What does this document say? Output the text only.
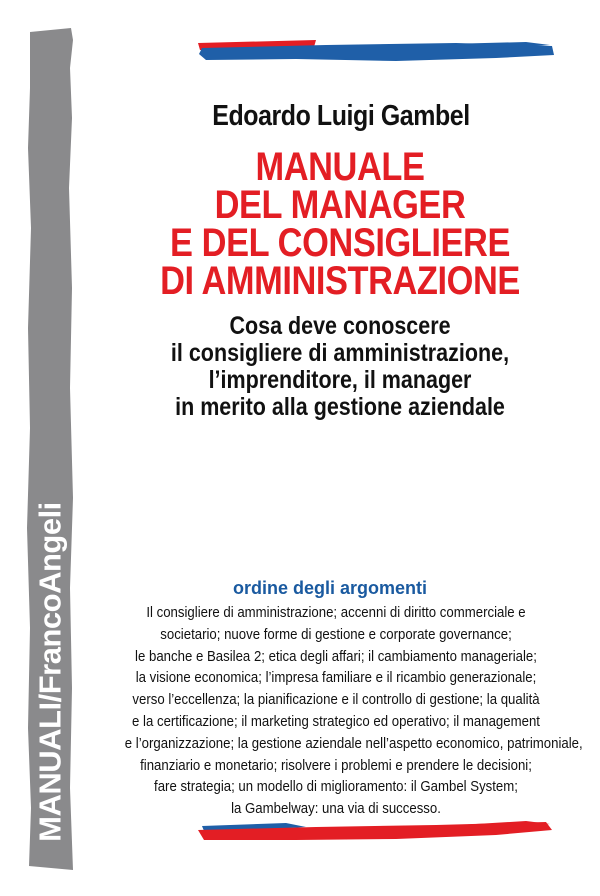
MANUALI/FrancoAngeli
Edoardo Luigi Gambel
MANUALE
DEL MANAGER
E DEL CONSIGLIERE
DI AMMINISTRAZIONE
Cosa deve conoscere
il consigliere di amministrazione,
l’imprenditore, il manager
in merito alla gestione aziendale
ordine degli argomenti
Il consigliere di amministrazione; accenni di diritto commerciale e
societario; nuove forme di gestione e corporate governance;
le banche e Basilea 2; etica degli affari; il cambiamento manageriale;
la visione economica; l’impresa familiare e il ricambio generazionale;
verso l’eccellenza; la pianificazione e il controllo di gestione; la qualità
e la certificazione; il marketing strategico ed operativo; il management
e l’organizzazione; la gestione aziendale nell’aspetto economico, patrimoniale,
finanziario e monetario; risolvere i problemi e prendere le decisioni;
fare strategia; un modello di miglioramento: il Gambel System;
la Gambelway: una via di successo.
